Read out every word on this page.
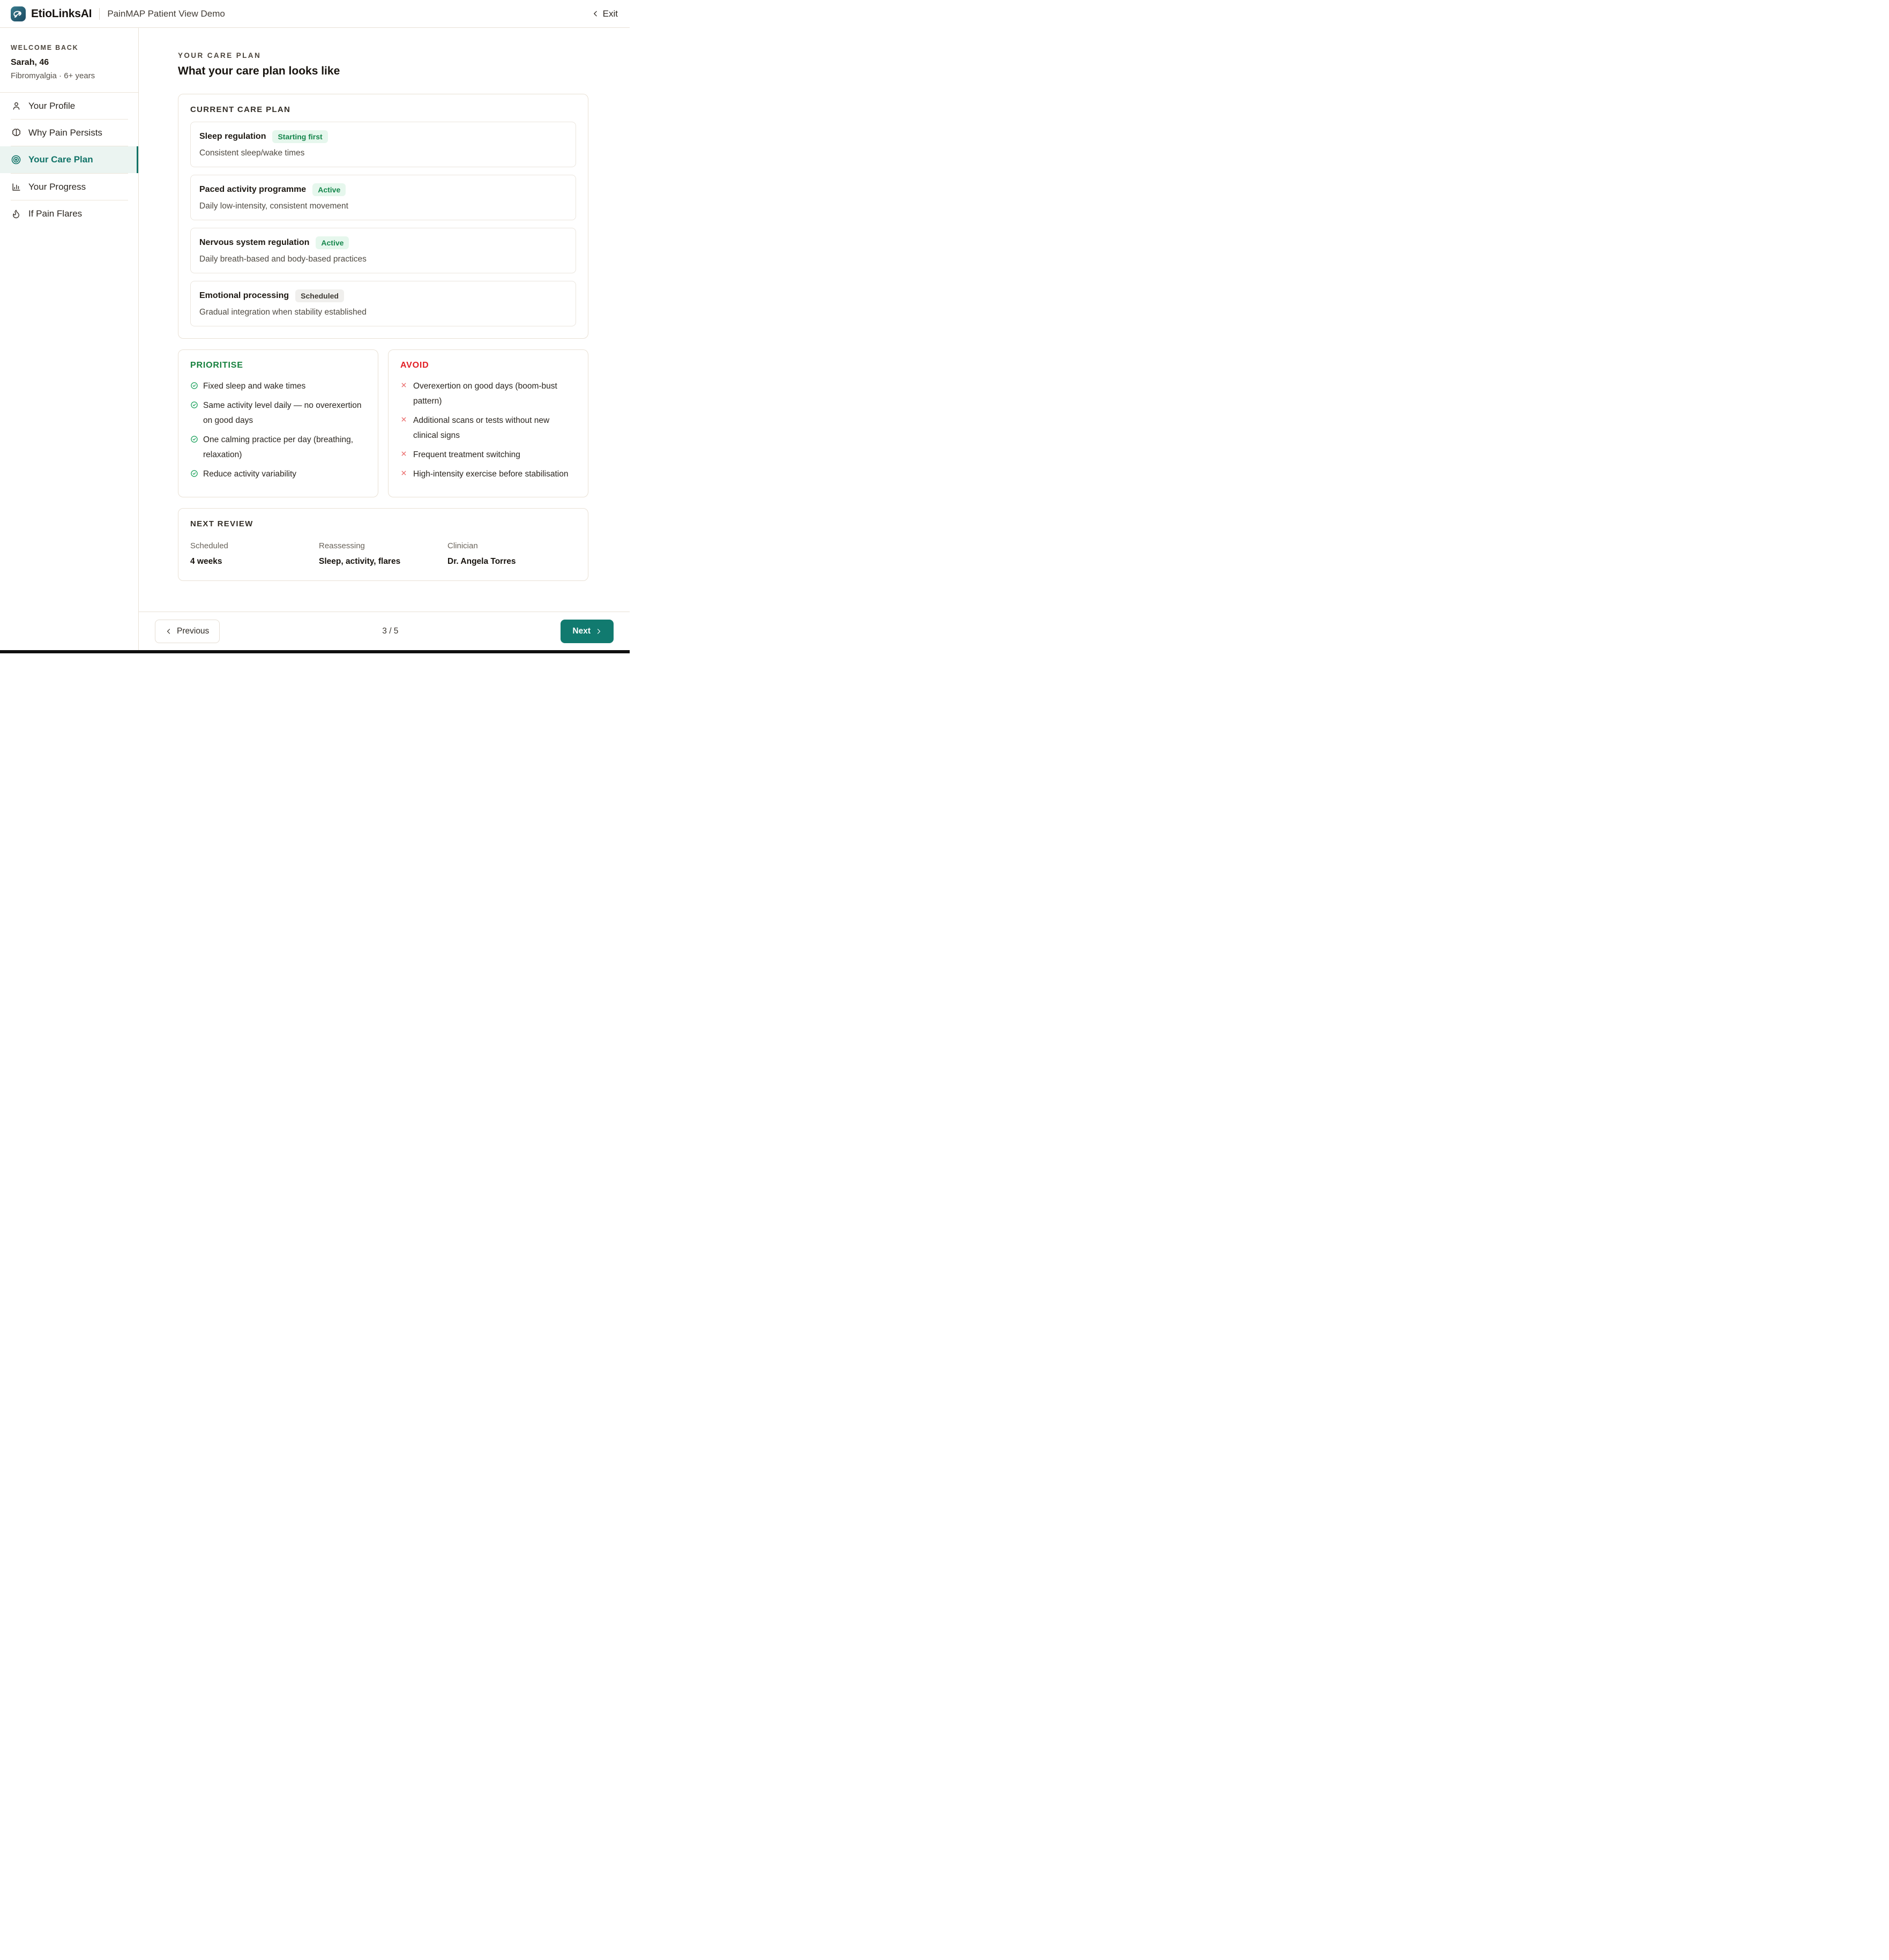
EtioLinksAI PainMAP Patient View Demo	Exit
WELCOME BACK
Sarah, 46
Fibromyalgia · 6+ years
Your Profile
Why Pain Persists
Your Care Plan
Your Progress
If Pain Flares
YOUR CARE PLAN
What your care plan looks like
CURRENT CARE PLAN
Sleep regulation	Starting first
Consistent sleep/wake times
Paced activity programme	Active
Daily low-intensity, consistent movement
Nervous system regulation	Active
Daily breath-based and body-based practices
Emotional processing	Scheduled
Gradual integration when stability established
PRIORITISE
Fixed sleep and wake times
Same activity level daily — no overexertion on good days
One calming practice per day (breathing, relaxation)
Reduce activity variability
AVOID
Overexertion on good days (boom-bust pattern)
Additional scans or tests without new clinical signs
Frequent treatment switching
High-intensity exercise before stabilisation
NEXT REVIEW
Scheduled
4 weeks
Reassessing
Sleep, activity, flares
Clinician
Dr. Angela Torres
Previous	3 / 5	Next
